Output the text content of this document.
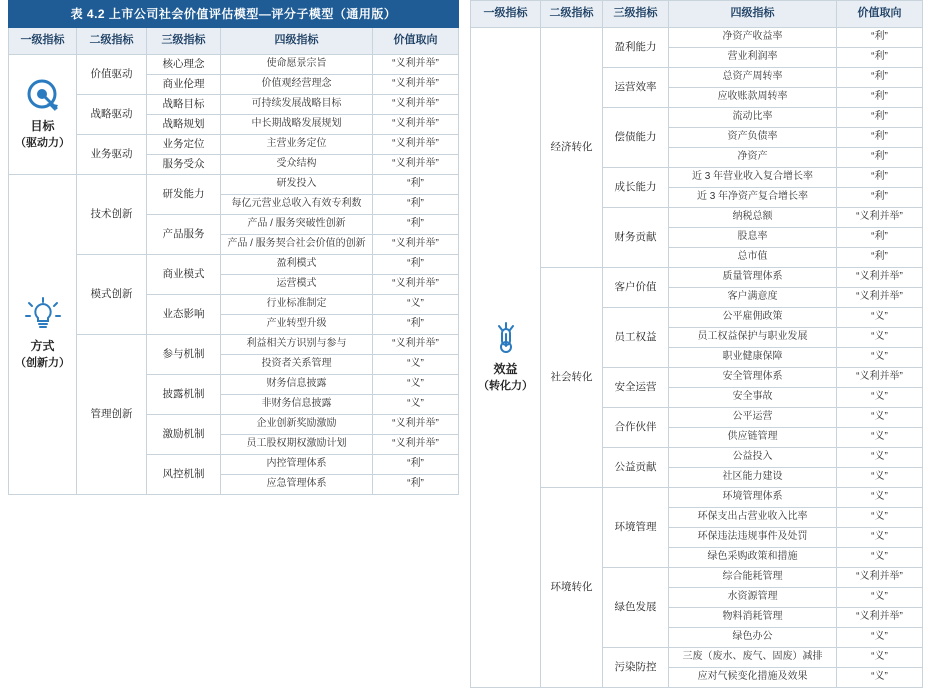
表 4.2 上市公司社会价值评估模型—评分子模型（通用版）				
一级指标	二级指标	三级指标	四级指标	价值取向

目标
（驱动力）	价值驱动	核心理念	使命愿景宗旨	“义利并举”
		商业伦理	价值观经营理念	“义利并举”
	战略驱动	战略目标	可持续发展战略目标	“义利并举”
		战略规划	中长期战略发展规划	“义利并举”
	业务驱动	业务定位	主营业务定位	“义利并举”
		服务受众	受众结构	“义利并举”

方式
（创新力）	技术创新	研发能力	研发投入	“利”
			每亿元营业总收入有效专利数	“利”
		产品服务	产品 / 服务突破性创新	“利”
			产品 / 服务契合社会价值的创新	“义利并举”
	模式创新	商业模式	盈利模式	“利”
			运营模式	“义利并举”
		业态影响	行业标准制定	“义”
			产业转型升级	“利”
	管理创新	参与机制	利益相关方识别与参与	“义利并举”
			投资者关系管理	“义”
		披露机制	财务信息披露	“义”
			非财务信息披露	“义”
		激励机制	企业创新奖励激励	“义利并举”
			员工股权期权激励计划	“义利并举”
		风控机制	内控管理体系	“利”
			应急管理体系	“利”
一级指标	二级指标	三级指标	四级指标	价值取向

效益
（转化力）	经济转化	盈利能力	净资产收益率	“利”
			营业利润率	“利”
		运营效率	总资产周转率	“利”
			应收账款周转率	“利”
		偿债能力	流动比率	“利”
			资产负债率	“利”
			净资产	“利”
		成长能力	近 3 年营业收入复合增长率	“利”
			近 3 年净资产复合增长率	“利”
		财务贡献	纳税总额	“义利并举”
			股息率	“利”
			总市值	“利”
	社会转化	客户价值	质量管理体系	“义利并举”
			客户满意度	“义利并举”
		员工权益	公平雇佣政策	“义”
			员工权益保护与职业发展	“义”
			职业健康保障	“义”
		安全运营	安全管理体系	“义利并举”
			安全事故	“义”
		合作伙伴	公平运营	“义”
			供应链管理	“义”
		公益贡献	公益投入	“义”
			社区能力建设	“义”
	环境转化	环境管理	环境管理体系	“义”
			环保支出占营业收入比率	“义”
			环保违法违规事件及处罚	“义”
			绿色采购政策和措施	“义”
		绿色发展	综合能耗管理	“义利并举”
			水资源管理	“义”
			物料消耗管理	“义利并举”
			绿色办公	“义”
		污染防控	三废（废水、废气、固废）减排	“义”
			应对气候变化措施及效果	“义”
